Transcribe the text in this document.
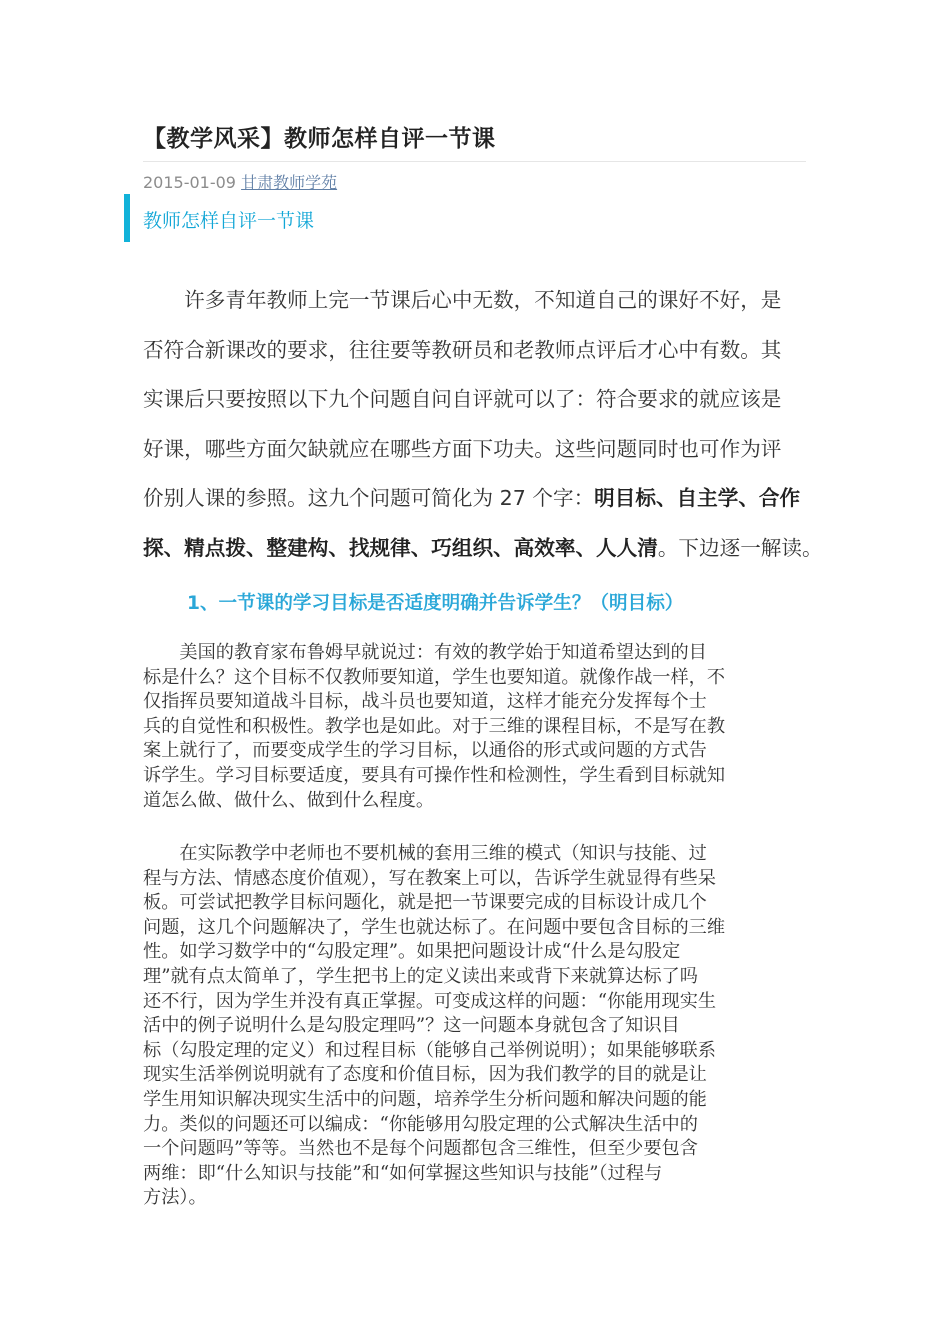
【教学风采】教师怎样自评一节课
2015-01-09 甘肃教师学苑
教师怎样自评一节课
　　许多青年教师上完一节课后心中无数，不知道自己的课好不好，是
否符合新课改的要求，往往要等教研员和老教师点评后才心中有数。其
实课后只要按照以下九个问题自问自评就可以了：符合要求的就应该是
好课，哪些方面欠缺就应在哪些方面下功夫。这些问题同时也可作为评
价别人课的参照。这九个问题可简化为 27 个字：明目标、自主学、合作
探、精点拨、整建构、找规律、巧组织、高效率、人人清。下边逐一解读。
1、一节课的学习目标是否适度明确并告诉学生？（明目标）
　　美国的教育家布鲁姆早就说过：有效的教学始于知道希望达到的目
标是什么？这个目标不仅教师要知道，学生也要知道。就像作战一样，不
仅指挥员要知道战斗目标，战斗员也要知道，这样才能充分发挥每个士
兵的自觉性和积极性。教学也是如此。对于三维的课程目标，不是写在教
案上就行了，而要变成学生的学习目标，以通俗的形式或问题的方式告
诉学生。学习目标要适度，要具有可操作性和检测性，学生看到目标就知
道怎么做、做什么、做到什么程度。
　　在实际教学中老师也不要机械的套用三维的模式（知识与技能、过
程与方法、情感态度价值观），写在教案上可以，告诉学生就显得有些呆
板。可尝试把教学目标问题化，就是把一节课要完成的目标设计成几个
问题，这几个问题解决了，学生也就达标了。在问题中要包含目标的三维
性。如学习数学中的“勾股定理”。如果把问题设计成“什么是勾股定
理”就有点太简单了，学生把书上的定义读出来或背下来就算达标了吗
还不行，因为学生并没有真正掌握。可变成这样的问题：“你能用现实生
活中的例子说明什么是勾股定理吗”？这一问题本身就包含了知识目
标（勾股定理的定义）和过程目标（能够自己举例说明）；如果能够联系
现实生活举例说明就有了态度和价值目标，因为我们教学的目的就是让
学生用知识解决现实生活中的问题，培养学生分析问题和解决问题的能
力。类似的问题还可以编成：“你能够用勾股定理的公式解决生活中的
一个问题吗”等等。当然也不是每个问题都包含三维性，但至少要包含
两维：即“什么知识与技能”和“如何掌握这些知识与技能”（过程与
方法）。
